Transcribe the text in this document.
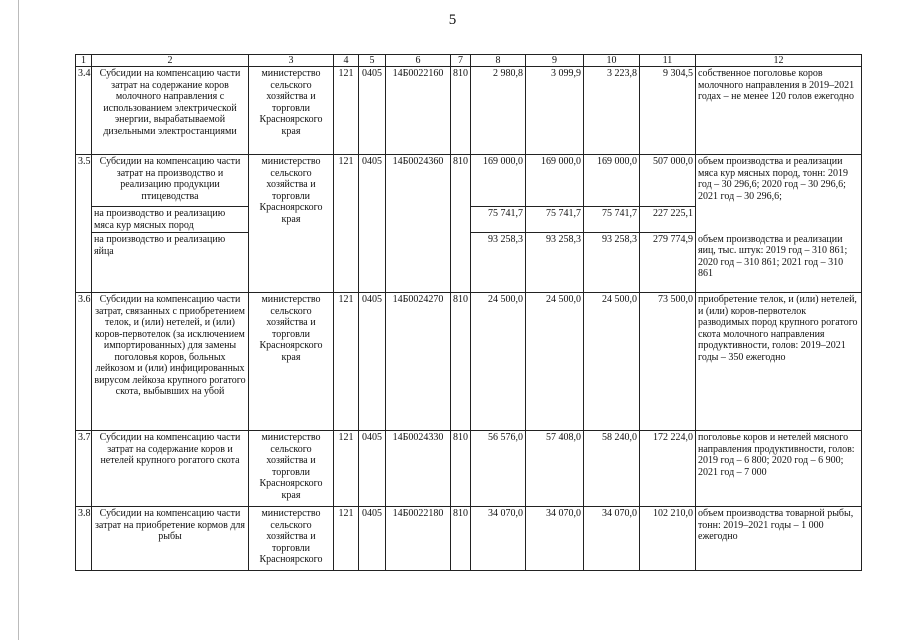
5
1	2	3	4	5	6	7	8	9	10	11	12
3.4	Субсидии на компенсацию части затрат на содержание коров молочного направления с использованием электрической энергии, вырабатываемой дизельными электростанциями	министерство сельского хозяйства и торговли Красноярского края	121	0405	14Б0022160	810	2 980,8	3 099,9	3 223,8	9 304,5	собственное поголовье коров молочного направления в 2019–2021 годах – не менее 120 голов ежегодно
3.5	Субсидии на компенсацию части затрат на производство и реализацию продукции птицеводства	министерство сельского хозяйства и торговли Красноярского края	121	0405	14Б0024360	810	169 000,0	169 000,0	169 000,0	507 000,0	объем производства и реализации мяса кур мясных пород, тонн: 2019 год – 30 296,6; 2020 год – 30 296,6; 2021 год – 30 296,6;
	на производство и реализацию мяса кур мясных пород						75 741,7	75 741,7	75 741,7	227 225,1	
	на производство и реализацию яйца						93 258,3	93 258,3	93 258,3	279 774,9	объем производства и реализации яиц, тыс. штук: 2019 год – 310 861; 2020 год – 310 861; 2021 год – 310 861
3.6	Субсидии на компенсацию части затрат, связанных с приобретением телок, и (или) нетелей, и (или) коров-первотелок (за исключением импортированных) для замены поголовья коров, больных лейкозом и (или) инфицированных вирусом лейкоза крупного рогатого скота, выбывших на убой	министерство сельского хозяйства и торговли Красноярского края	121	0405	14Б0024270	810	24 500,0	24 500,0	24 500,0	73 500,0	приобретение телок, и (или) нетелей, и (или) коров-первотелок разводимых пород крупного рогатого скота молочного направления продуктивности, голов: 2019–2021 годы – 350 ежегодно
3.7	Субсидии на компенсацию части затрат на содержание коров и нетелей крупного рогатого скота	министерство сельского хозяйства и торговли Красноярского края	121	0405	14Б0024330	810	56 576,0	57 408,0	58 240,0	172 224,0	поголовье коров и нетелей мясного направления продуктивности, голов: 2019 год – 6 800; 2020 год – 6 900; 2021 год – 7 000
3.8	Субсидии на компенсацию части затрат на приобретение кормов для рыбы	министерство сельского хозяйства и торговли Красноярского	121	0405	14Б0022180	810	34 070,0	34 070,0	34 070,0	102 210,0	объем производства товарной рыбы, тонн: 2019–2021 годы – 1 000 ежегодно
